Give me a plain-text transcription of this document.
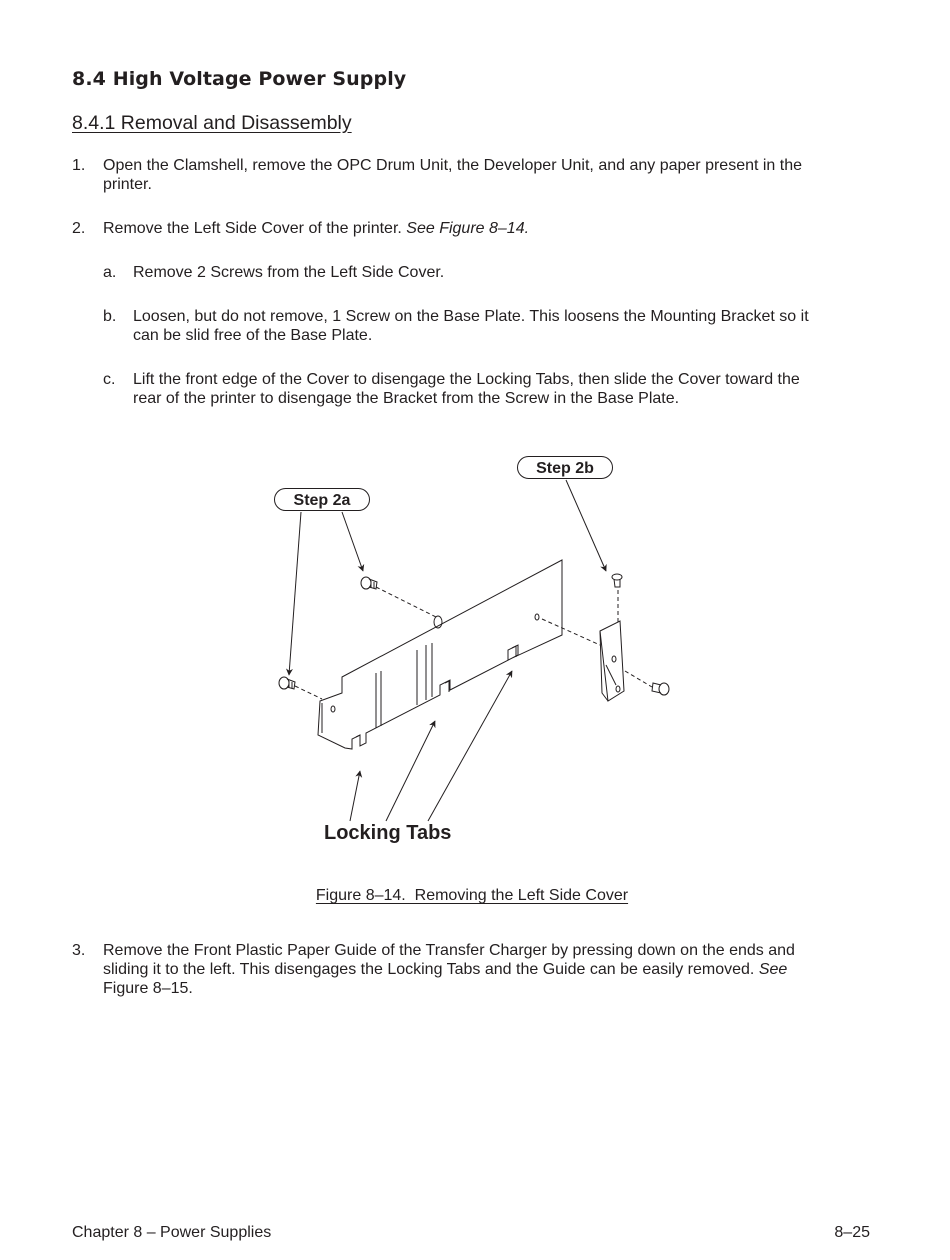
8.4 High Voltage Power Supply
8.4.1 Removal and Disassembly
1. Open the Clamshell, remove the OPC Drum Unit, the Developer Unit, and any paper present in the printer.
2. Remove the Left Side Cover of the printer. See Figure 8–14.
a. Remove 2 Screws from the Left Side Cover.
b. Loosen, but do not remove, 1 Screw on the Base Plate. This loosens the Mounting Bracket so it can be slid free of the Base Plate.
c. Lift the front edge of the Cover to disengage the Locking Tabs, then slide the Cover toward the rear of the printer to disengage the Bracket from the Screw in the Base Plate.
Step 2a
Step 2b
Locking Tabs
Figure 8–14.  Removing the Left Side Cover
3. Remove the Front Plastic Paper Guide of the Transfer Charger by pressing down on the ends and sliding it to the left. This disengages the Locking Tabs and the Guide can be easily removed. See Figure 8–15.
Chapter 8 – Power Supplies	8–25
